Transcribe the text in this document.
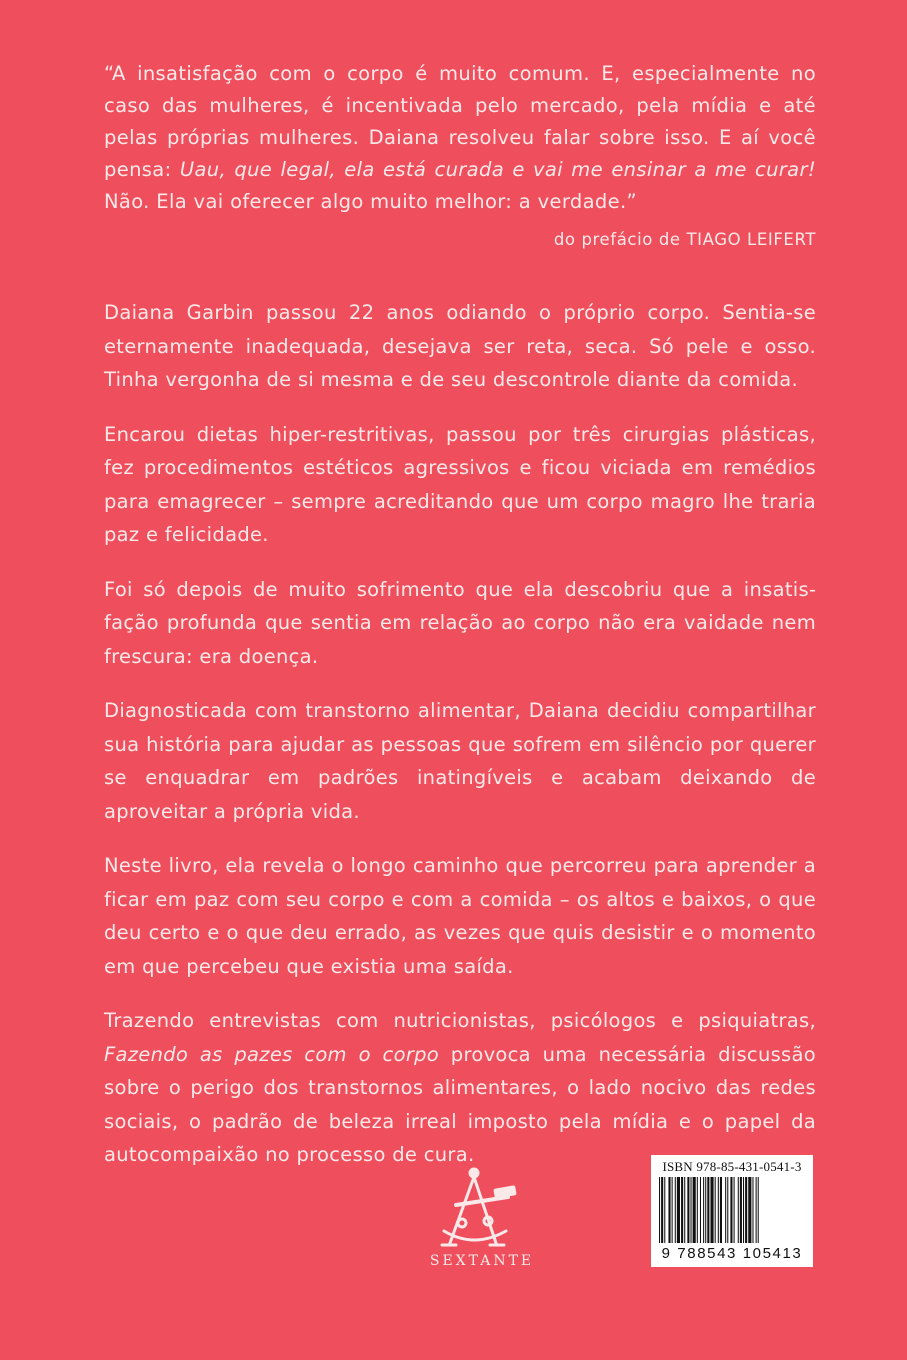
“A insatisfação com o corpo é muito comum. E, especialmente no caso das mulheres, é incentivada pelo mercado, pela mídia e até pelas próprias mulheres. Daiana resolveu falar sobre isso. E aí você pensa: Uau, que legal, ela está curada e vai me ensinar a me curar! Não. Ela vai oferecer algo muito melhor: a verdade.”

do prefácio de TIAGO LEIFERT

Daiana Garbin passou 22 anos odiando o próprio corpo. Sentia-se eternamente inadequada, desejava ser reta, seca. Só pele e osso. Tinha vergonha de si mesma e de seu descontrole diante da comida.

Encarou dietas hiper-restritivas, passou por três cirurgias plásticas, fez procedimentos estéticos agressivos e ficou viciada em remédios para emagrecer – sempre acreditando que um corpo magro lhe traria paz e felicidade.

Foi só depois de muito sofrimento que ela descobriu que a insatisfação profunda que sentia em relação ao corpo não era vaidade nem frescura: era doença.

Diagnosticada com transtorno alimentar, Daiana decidiu compartilhar sua história para ajudar as pessoas que sofrem em silêncio por querer se enquadrar em padrões inatingíveis e acabam deixando de aproveitar a própria vida.

Neste livro, ela revela o longo caminho que percorreu para aprender a ficar em paz com seu corpo e com a comida – os altos e baixos, o que deu certo e o que deu errado, as vezes que quis desistir e o momento em que percebeu que existia uma saída.

Trazendo entrevistas com nutricionistas, psicólogos e psiquiatras, Fazendo as pazes com o corpo provoca uma necessária discussão sobre o perigo dos transtornos alimentares, o lado nocivo das redes sociais, o padrão de beleza irreal imposto pela mídia e o papel da autocompaixão no processo de cura.

SEXTANTE
ISBN 978-85-431-0541-3
9 788543 105413
